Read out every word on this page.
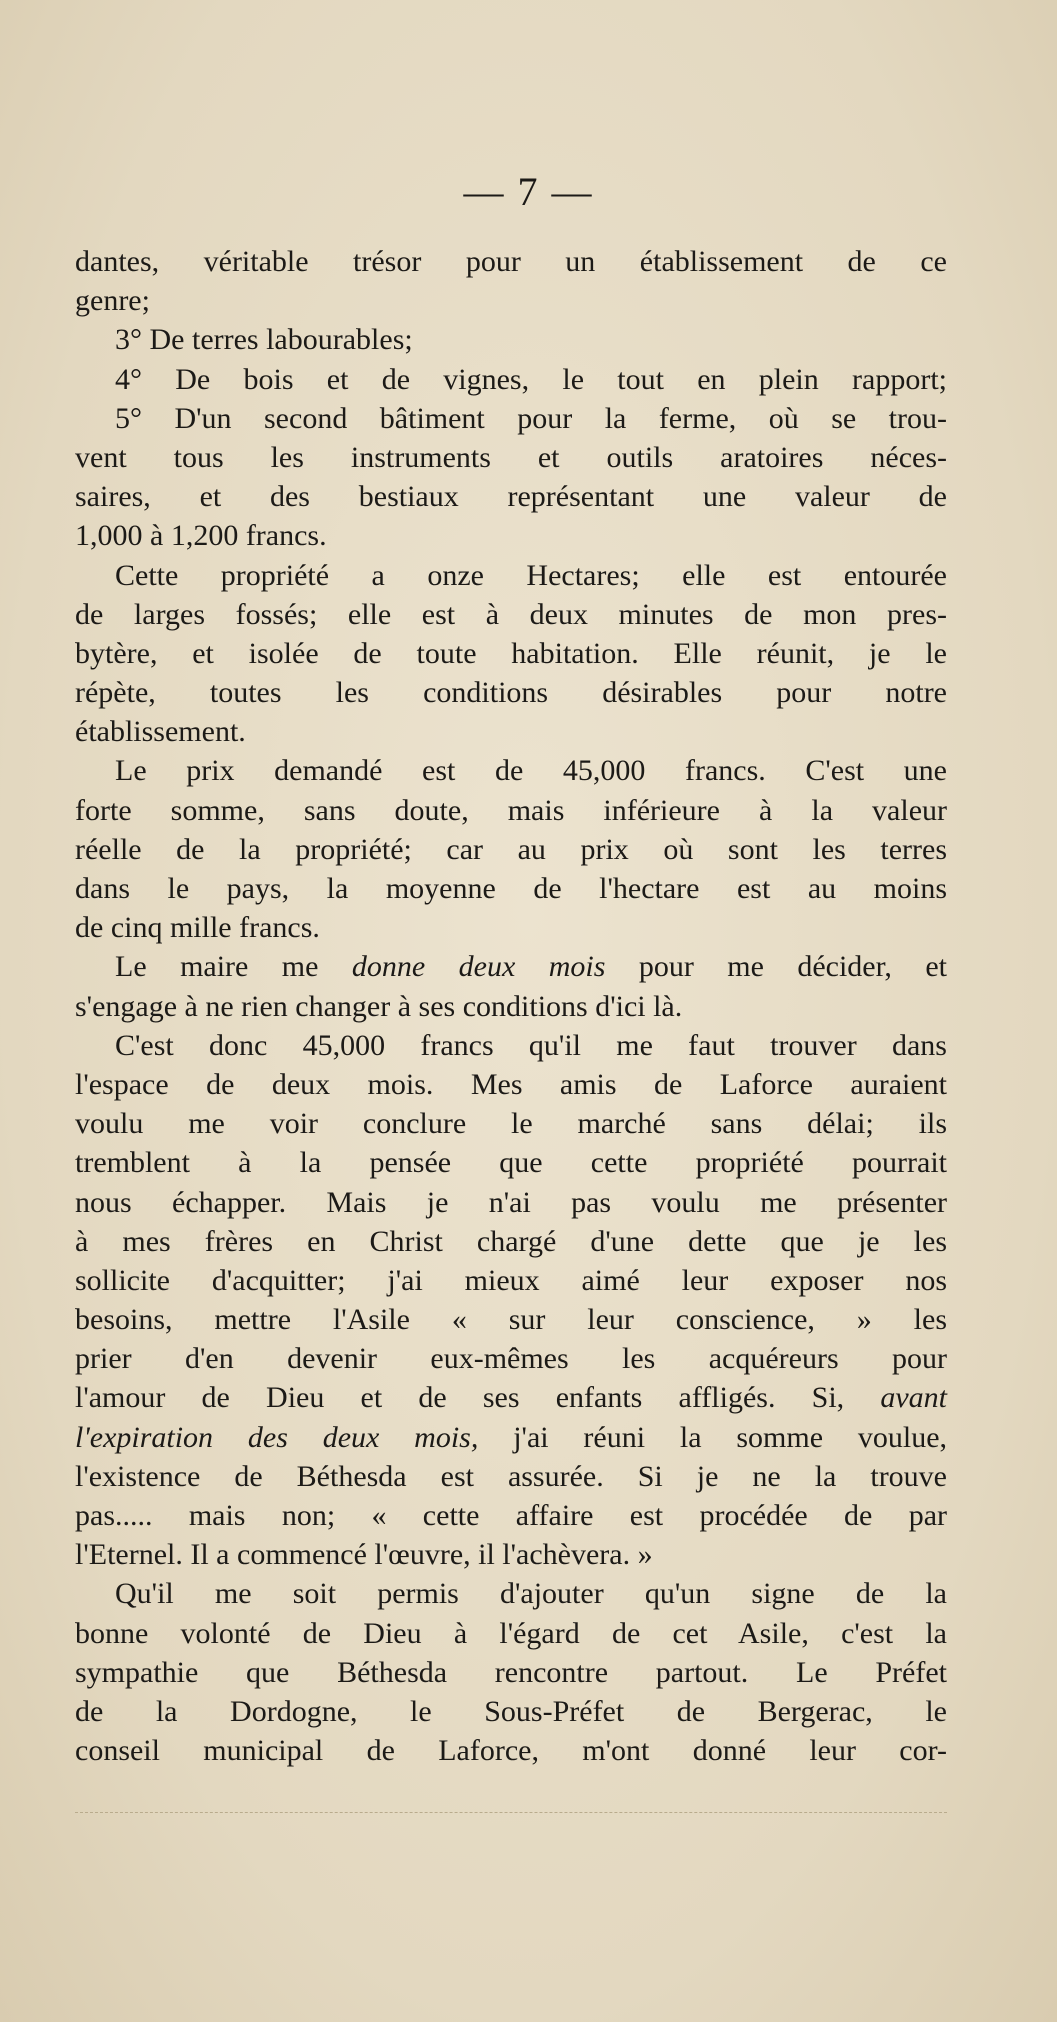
— 7 —
dantes, véritable trésor pour un établissement de ce
genre;
3° De terres labourables;
4° De bois et de vignes, le tout en plein rapport;
5° D'un second bâtiment pour la ferme, où se trou-
vent tous les instruments et outils aratoires néces-
saires, et des bestiaux représentant une valeur de
1,000 à 1,200 francs.
Cette propriété a onze Hectares; elle est entourée
de larges fossés; elle est à deux minutes de mon pres-
bytère, et isolée de toute habitation. Elle réunit, je le
répète, toutes les conditions désirables pour notre
établissement.
Le prix demandé est de 45,000 francs. C'est une
forte somme, sans doute, mais inférieure à la valeur
réelle de la propriété; car au prix où sont les terres
dans le pays, la moyenne de l'hectare est au moins
de cinq mille francs.
Le maire me donne deux mois pour me décider, et
s'engage à ne rien changer à ses conditions d'ici là.
C'est donc 45,000 francs qu'il me faut trouver dans
l'espace de deux mois. Mes amis de Laforce auraient
voulu me voir conclure le marché sans délai; ils
tremblent à la pensée que cette propriété pourrait
nous échapper. Mais je n'ai pas voulu me présenter
à mes frères en Christ chargé d'une dette que je les
sollicite d'acquitter; j'ai mieux aimé leur exposer nos
besoins, mettre l'Asile « sur leur conscience, » les
prier d'en devenir eux-mêmes les acquéreurs pour
l'amour de Dieu et de ses enfants affligés. Si, avant
l'expiration des deux mois, j'ai réuni la somme voulue,
l'existence de Béthesda est assurée. Si je ne la trouve
pas..... mais non; « cette affaire est procédée de par
l'Eternel. Il a commencé l'œuvre, il l'achèvera. »
Qu'il me soit permis d'ajouter qu'un signe de la
bonne volonté de Dieu à l'égard de cet Asile, c'est la
sympathie que Béthesda rencontre partout. Le Préfet
de la Dordogne, le Sous-Préfet de Bergerac, le
conseil municipal de Laforce, m'ont donné leur cor-
